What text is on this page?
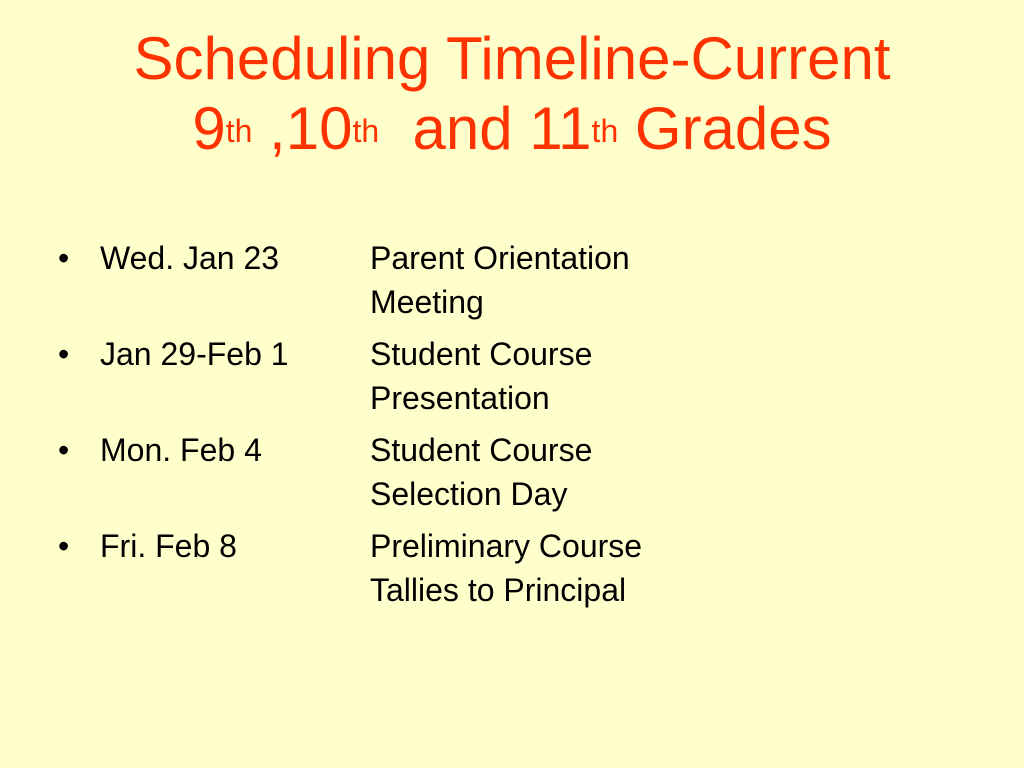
Scheduling Timeline-Current
9th ,10th  and 11th Grades
• Wed. Jan 23	Parent Orientation Meeting
• Jan 29-Feb 1	Student Course Presentation
• Mon. Feb 4	Student Course Selection Day
• Fri. Feb 8	Preliminary Course Tallies to Principal
